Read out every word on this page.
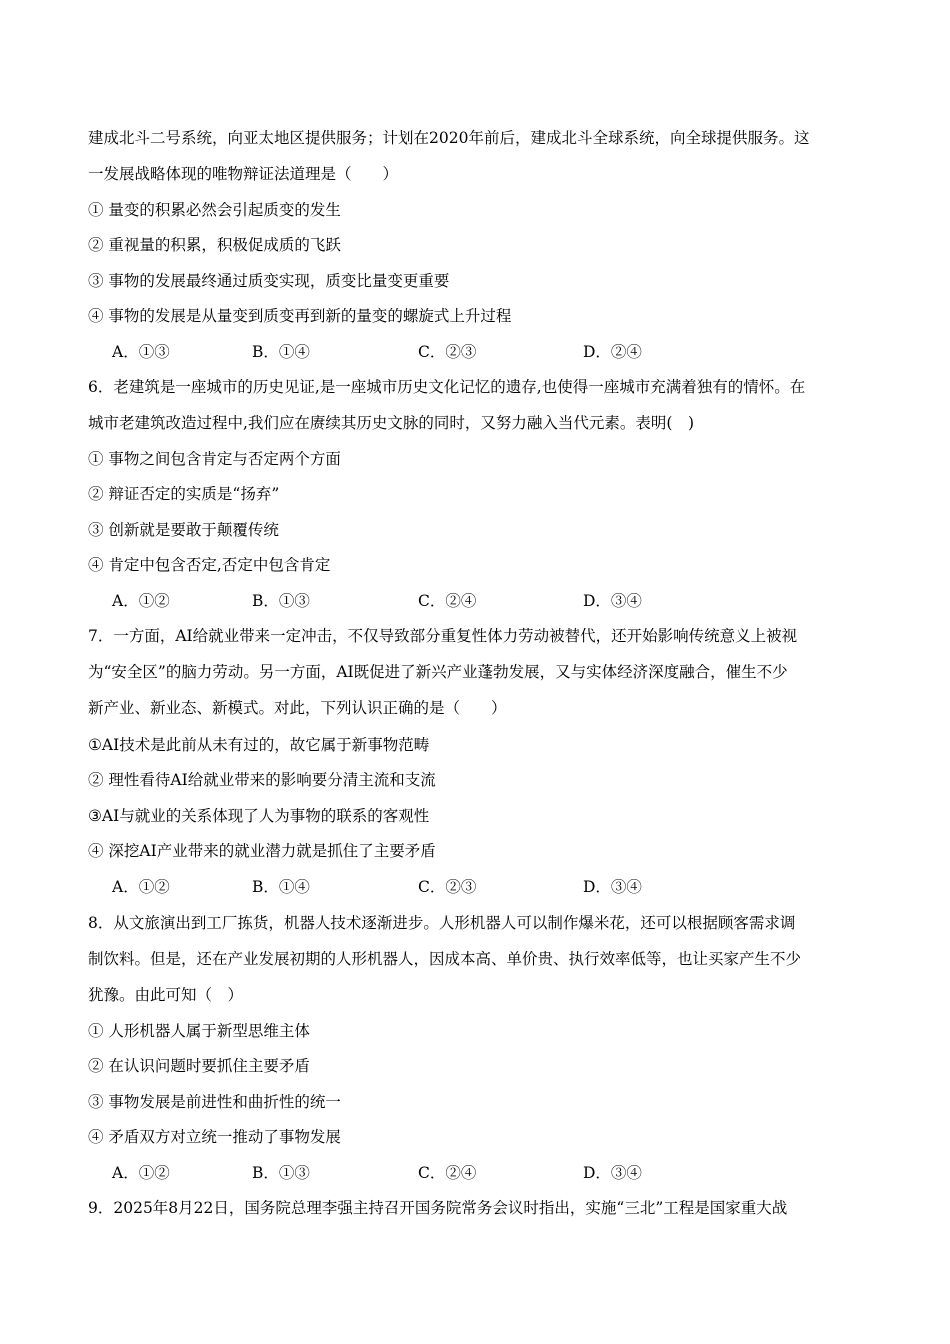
建成北斗二号系统，向亚太地区提供服务；计划在2020年前后，建成北斗全球系统，向全球提供服务。这
一发展战略体现的唯物辩证法道理是（　　）
① 量变的积累必然会引起质变的发生
② 重视量的积累，积极促成质的飞跃
③ 事物的发展最终通过质变实现，质变比量变更重要
④ 事物的发展是从量变到质变再到新的量变的螺旋式上升过程
A．①③	B．①④	C．②③	D．②④
6．老建筑是一座城市的历史见证,是一座城市历史文化记忆的遗存,也使得一座城市充满着独有的情怀。在
城市老建筑改造过程中,我们应在赓续其历史文脉的同时，又努力融入当代元素。表明(　)
① 事物之间包含肯定与否定两个方面
② 辩证否定的实质是“扬弃”
③ 创新就是要敢于颠覆传统
④ 肯定中包含否定,否定中包含肯定
A．①②	B．①③	C．②④	D．③④
7．一方面，AI给就业带来一定冲击，不仅导致部分重复性体力劳动被替代，还开始影响传统意义上被视
为“安全区”的脑力劳动。另一方面，AI既促进了新兴产业蓬勃发展，又与实体经济深度融合，催生不少
新产业、新业态、新模式。对此，下列认识正确的是（　　）
①AI技术是此前从未有过的，故它属于新事物范畴
② 理性看待AI给就业带来的影响要分清主流和支流
③AI与就业的关系体现了人为事物的联系的客观性
④ 深挖AI产业带来的就业潜力就是抓住了主要矛盾
A．①②	B．①④	C．②③	D．③④
8．从文旅演出到工厂拣货，机器人技术逐渐进步。人形机器人可以制作爆米花，还可以根据顾客需求调
制饮料。但是，还在产业发展初期的人形机器人，因成本高、单价贵、执行效率低等，也让买家产生不少
犹豫。由此可知（　）
① 人形机器人属于新型思维主体
② 在认识问题时要抓住主要矛盾
③ 事物发展是前进性和曲折性的统一
④ 矛盾双方对立统一推动了事物发展
A．①②	B．①③	C．②④	D．③④
9．2025年8月22日，国务院总理李强主持召开国务院常务会议时指出，实施“三北”工程是国家重大战
